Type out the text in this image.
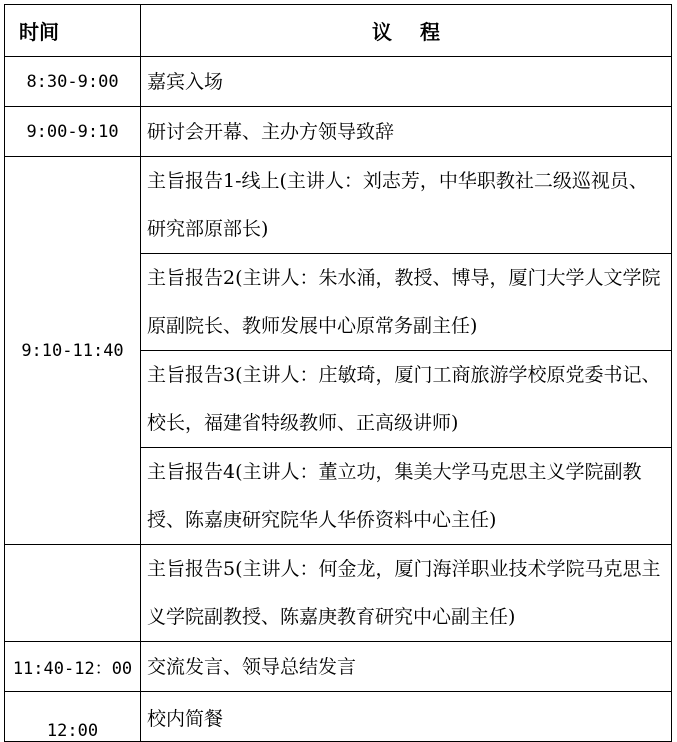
时间	议程
8:30-9:00	嘉宾入场
9:00-9:10	研讨会开幕、主办方领导致辞
9:10-11:40	主旨报告1-线上(主讲人：刘志芳，中华职教社二级巡视员、研究部原部长)
	主旨报告2(主讲人：朱水涌，教授、博导，厦门大学人文学院原副院长、教师发展中心原常务副主任)
	主旨报告3(主讲人：庄敏琦，厦门工商旅游学校原党委书记、校长，福建省特级教师、正高级讲师)
	主旨报告4(主讲人：董立功，集美大学马克思主义学院副教授、陈嘉庚研究院华人华侨资料中心主任)
	主旨报告5(主讲人：何金龙，厦门海洋职业技术学院马克思主义学院副教授、陈嘉庚教育研究中心副主任)
11:40-12：00	交流发言、领导总结发言
12:00	校内简餐
